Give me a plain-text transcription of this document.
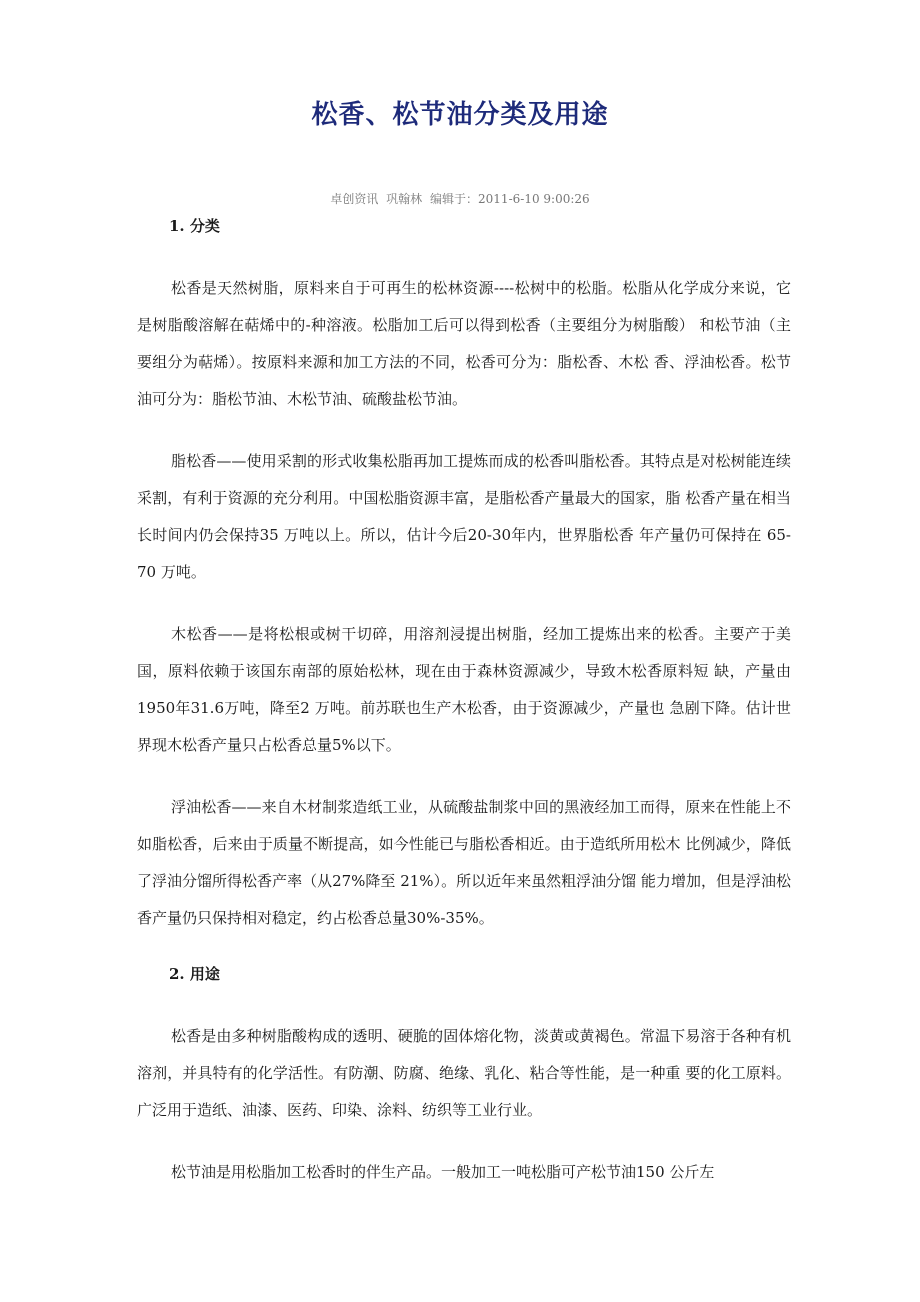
松香、松节油分类及用途
卓创资讯 巩翰林 编辑于：2011-6-10 9:00:26
1. 分类

松香是天然树脂，原料来自于可再生的松林资源----松树中的松脂。松脂从化学成分来说，它是树脂酸溶解在萜烯中的-种溶液。松脂加工后可以得到松香（主要组分为树脂酸） 和松节油（主要组分为萜烯）。按原料来源和加工方法的不同，松香可分为：脂松香、木松 香、浮油松香。松节油可分为：脂松节油、木松节油、硫酸盐松节油。

脂松香——使用采割的形式收集松脂再加工提炼而成的松香叫脂松香。其特点是对松树能连续采割，有利于资源的充分利用。中国松脂资源丰富，是脂松香产量最大的国家，脂 松香产量在相当长时间内仍会保持35 万吨以上。所以，估计今后20-30年内，世界脂松香 年产量仍可保持在 65-70 万吨。

木松香——是将松根或树干切碎，用溶剂浸提出树脂，经加工提炼出来的松香。主要产于美国，原料依赖于该国东南部的原始松林，现在由于森林资源减少，导致木松香原料短 缺，产量由1950年31.6万吨，降至2 万吨。前苏联也生产木松香，由于资源减少，产量也 急剧下降。估计世界现木松香产量只占松香总量5%以下。

浮油松香——来自木材制浆造纸工业，从硫酸盐制浆中回的黑液经加工而得，原来在性能上不如脂松香，后来由于质量不断提高，如今性能已与脂松香相近。由于造纸所用松木 比例减少，降低了浮油分馏所得松香产率（从27%降至 21%）。所以近年来虽然粗浮油分馏 能力增加，但是浮油松香产量仍只保持相对稳定，约占松香总量30%-35%。

2. 用途

松香是由多种树脂酸构成的透明、硬脆的固体熔化物，淡黄或黄褐色。常温下易溶于各种有机溶剂，并具特有的化学活性。有防潮、防腐、绝缘、乳化、粘合等性能，是一种重 要的化工原料。广泛用于造纸、油漆、医药、印染、涂料、纺织等工业行业。

松节油是用松脂加工松香时的伴生产品。一般加工一吨松脂可产松节油150 公斤左
